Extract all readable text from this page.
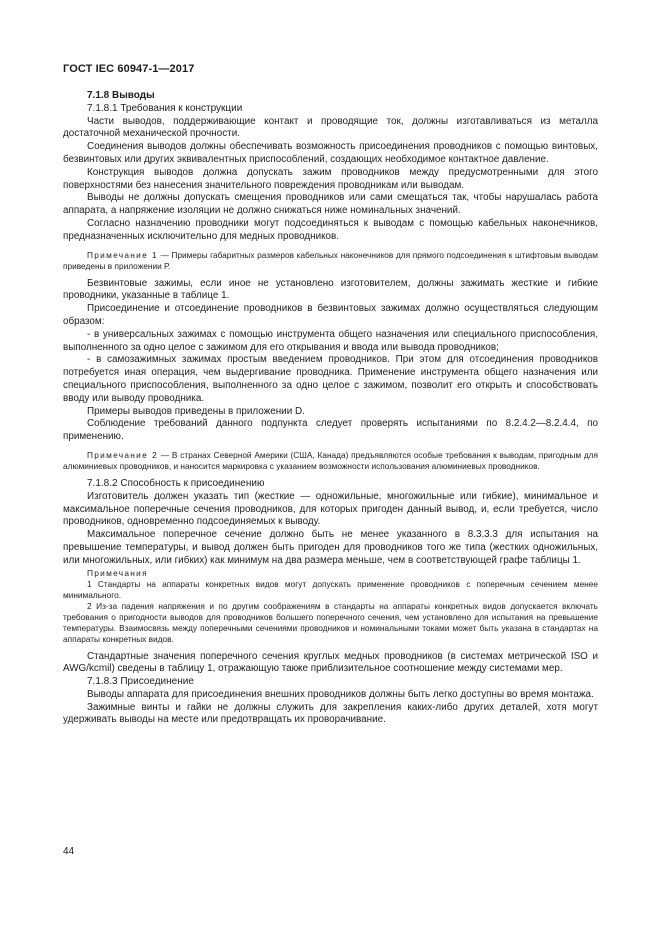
ГОСТ IEC 60947-1—2017

7.1.8 Выводы

7.1.8.1 Требования к конструкции

Части выводов, поддерживающие контакт и проводящие ток, должны изготавливаться из металла достаточной механической прочности.

Соединения выводов должны обеспечивать возможность присоединения проводников с помощью винтовых, безвинтовых или других эквивалентных приспособлений, создающих необходимое контактное давление.

Конструкция выводов должна допускать зажим проводников между предусмотренными для этого поверхностями без нанесения значительного повреждения проводникам или выводам.

Выводы не должны допускать смещения проводников или сами смещаться так, чтобы нарушалась работа аппарата, а напряжение изоляции не должно снижаться ниже номинальных значений.

Согласно назначению проводники могут подсоединяться к выводам с помощью кабельных наконечников, предназначенных исключительно для медных проводников.

Примечание 1 — Примеры габаритных размеров кабельных наконечников для прямого подсоединения к штифтовым выводам приведены в приложении Р.

Безвинтовые зажимы, если иное не установлено изготовителем, должны зажимать жесткие и гибкие проводники, указанные в таблице 1.

Присоединение и отсоединение проводников в безвинтовых зажимах должно осуществляться следующим образом:

- в универсальных зажимах с помощью инструмента общего назначения или специального приспособления, выполненного за одно целое с зажимом для его открывания и ввода или вывода проводников;

- в самозажимных зажимах простым введением проводников. При этом для отсоединения проводников потребуется иная операция, чем выдергивание проводника. Применение инструмента общего назначения или специального приспособления, выполненного за одно целое с зажимом, позволит его открыть и способствовать вводу или выводу проводника.

Примеры выводов приведены в приложении D.

Соблюдение требований данного подпункта следует проверять испытаниями по 8.2.4.2—8.2.4.4, по применению.

Примечание 2 — В странах Северной Америки (США, Канада) предъявляются особые требования к выводам, пригодным для алюминиевых проводников, и наносится маркировка с указанием возможности использования алюминиевых проводников.

7.1.8.2 Способность к присоединению

Изготовитель должен указать тип (жесткие — одножильные, многожильные или гибкие), минимальное и максимальное поперечные сечения проводников, для которых пригоден данный вывод, и, если требуется, число проводников, одновременно подсоединяемых к выводу.

Максимальное поперечное сечение должно быть не менее указанного в 8.3.3.3 для испытания на превышение температуры, и вывод должен быть пригоден для проводников того же типа (жестких одножильных, или многожильных, или гибких) как минимум на два размера меньше, чем в соответствующей графе таблицы 1.

Примечания

1 Стандарты на аппараты конкретных видов могут допускать применение проводников с поперечным сечением менее минимального.

2 Из-за падения напряжения и по другим соображениям в стандарты на аппараты конкретных видов допускается включать требования о пригодности выводов для проводников большего поперечного сечения, чем установлено для испытания на превышение температуры. Взаимосвязь между поперечными сечениями проводников и номинальными токами может быть указана в стандартах на аппараты конкретных видов.

Стандартные значения поперечного сечения круглых медных проводников (в системах метрической ISO и AWG/kcmil) сведены в таблицу 1, отражающую также приблизительное соотношение между системами мер.

7.1.8.3 Присоединение

Выводы аппарата для присоединения внешних проводников должны быть легко доступны во время монтажа.

Зажимные винты и гайки не должны служить для закрепления каких-либо других деталей, хотя могут удерживать выводы на месте или предотвращать их проворачивание.

44
